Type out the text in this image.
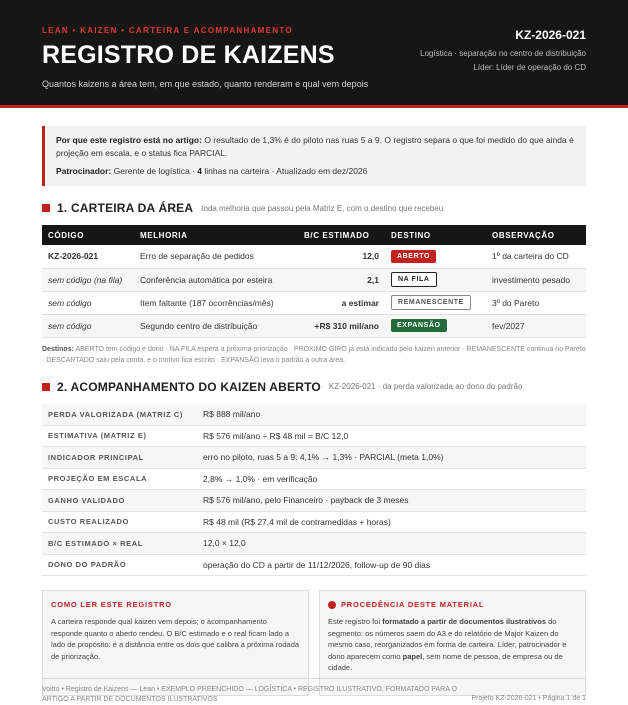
LEAN • KAIZEN • CARTEIRA E ACOMPANHAMENTO
REGISTRO DE KAIZENS
Quantos kaizens a área tem, em que estado, quanto renderam e qual vem depois
KZ-2026-021
Logística · separação no centro de distribuição
Líder: Líder de operação do CD
Por que este registro está no artigo: O resultado de 1,3% é do piloto nas ruas 5 a 9. O registro separa o que foi medido do que ainda é projeção em escala, e o status fica PARCIAL.
Patrocinador: Gerente de logística · 4 linhas na carteira · Atualizado em dez/2026
1. CARTEIRA DA ÁREA toda melhoria que passou pela Matriz E, com o destino que recebeu
CÓDIGO	MELHORIA	B/C ESTIMADO	DESTINO	OBSERVAÇÃO
KZ-2026-021	Erro de separação de pedidos	12,0	ABERTO	1º da carteira do CD
sem código (na fila)	Conferência automática por esteira	2,1	NA FILA	investimento pesado
sem código	Item faltante (187 ocorrências/mês)	a estimar	REMANESCENTE	3º do Pareto
sem código	Segundo centro de distribuição	+R$ 310 mil/ano	EXPANSÃO	fev/2027
Destinos: ABERTO tem código e dono · NA FILA espera a próxima priorização · PRÓXIMO GIRO já está indicado pelo kaizen anterior · REMANESCENTE continua no Pareto · DESCARTADO saiu pela conta, e o motivo fica escrito · EXPANSÃO leva o padrão a outra área.
2. ACOMPANHAMENTO DO KAIZEN ABERTO KZ-2026-021 · da perda valorizada ao dono do padrão
PERDA VALORIZADA (MATRIZ C)	R$ 888 mil/ano
ESTIMATIVA (MATRIZ E)	R$ 576 mil/ano ÷ R$ 48 mil = B/C 12,0
INDICADOR PRINCIPAL	erro no piloto, ruas 5 a 9: 4,1% → 1,3% · PARCIAL (meta 1,0%)
PROJEÇÃO EM ESCALA	2,8% → 1,0% · em verificação
GANHO VALIDADO	R$ 576 mil/ano, pelo Financeiro · payback de 3 meses
CUSTO REALIZADO	R$ 48 mil (R$ 27,4 mil de contramedidas + horas)
B/C ESTIMADO × REAL	12,0 × 12,0
DONO DO PADRÃO	operação do CD a partir de 11/12/2026, follow-up de 90 dias
COMO LER ESTE REGISTRO
A carteira responde qual kaizen vem depois; o acompanhamento responde quanto o aberto rendeu. O B/C estimado e o real ficam lado a lado de propósito: é a distância entre os dois que calibra a próxima rodada de priorização.
PROCEDÊNCIA DESTE MATERIAL
Este registro foi formatado a partir de documentos ilustrativos do segmento: os números saem do A3 e do relatório de Major Kaizen do mesmo caso, reorganizados em forma de carteira. Líder, patrocinador e dono aparecem como papel, sem nome de pessoa, de empresa ou de cidade.
Voitto • Registro de Kaizens — Lean • EXEMPLO PREENCHIDO — LOGÍSTICA • REGISTRO ILUSTRATIVO, FORMATADO PARA O ARTIGO A PARTIR DE DOCUMENTOS ILUSTRATIVOS	Projeto KZ-2026-021 • Página 1 de 1
